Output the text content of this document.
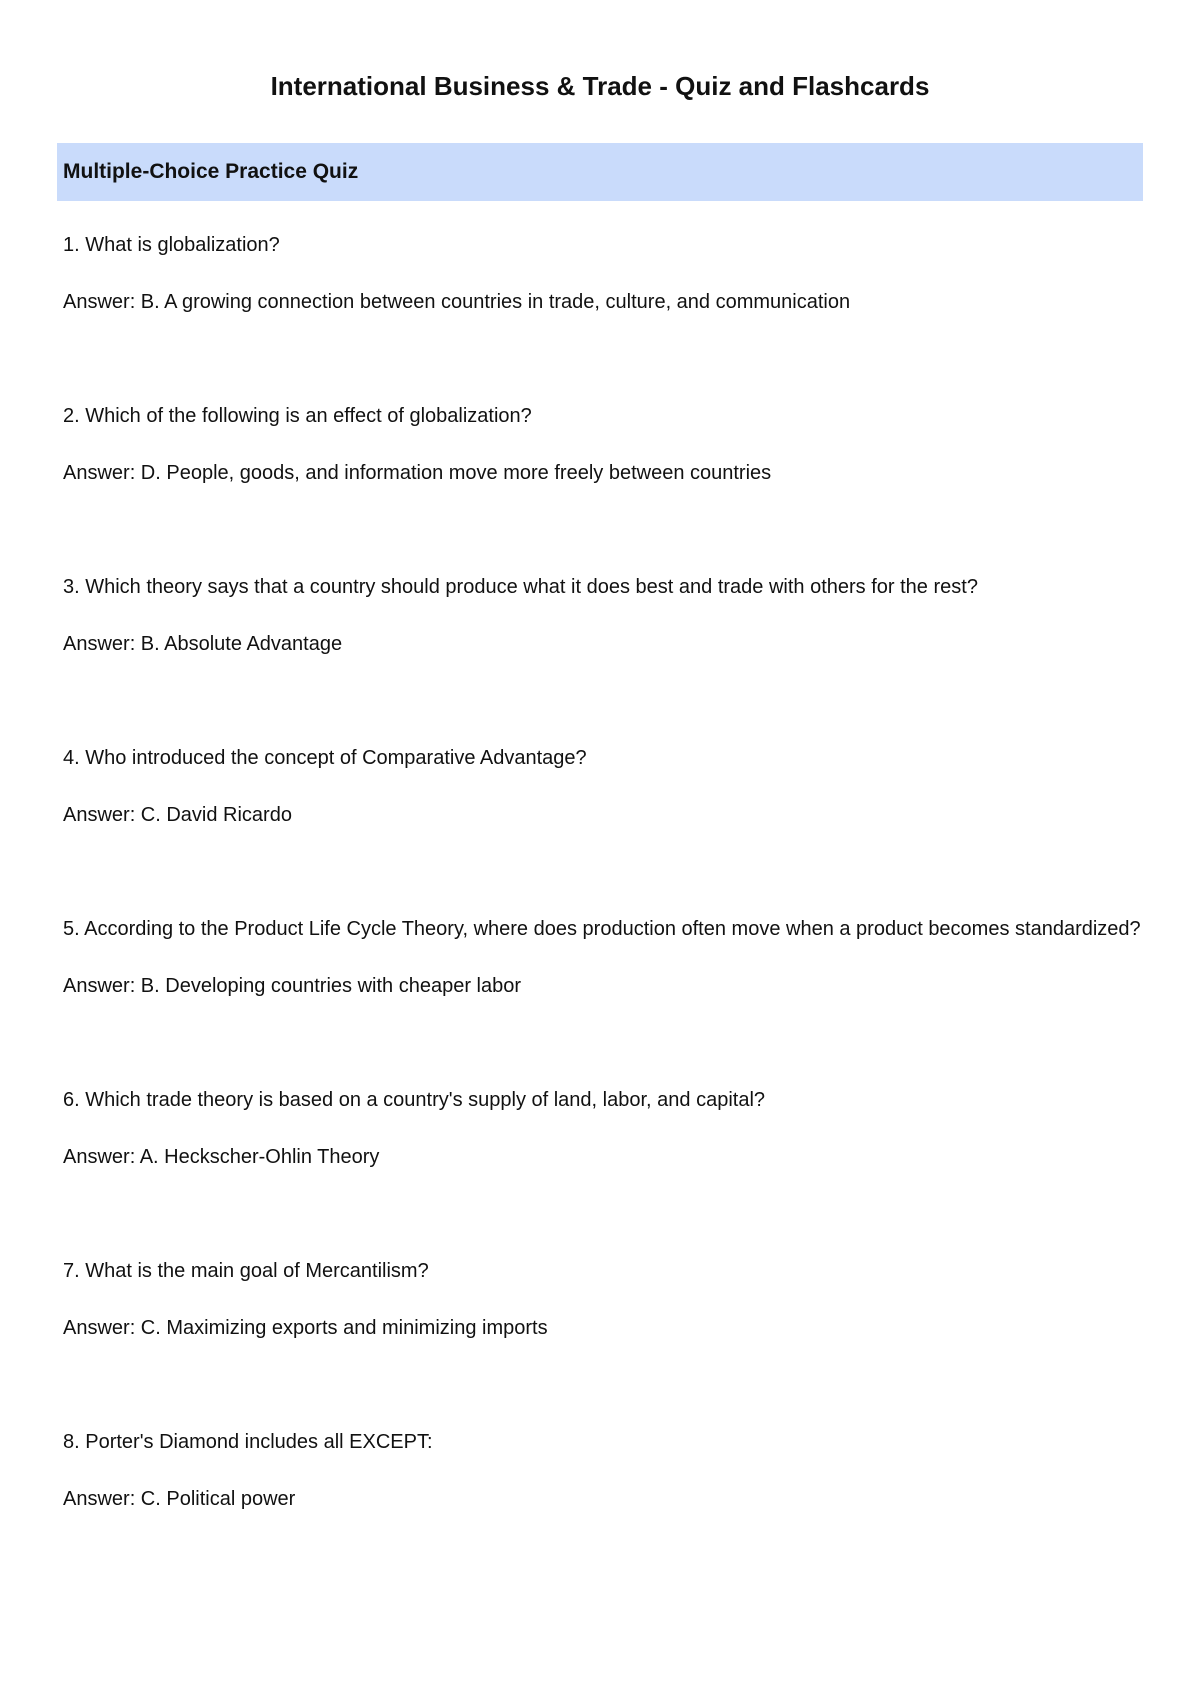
International Business & Trade - Quiz and Flashcards
Multiple-Choice Practice Quiz
1. What is globalization?
Answer: B. A growing connection between countries in trade, culture, and communication
2. Which of the following is an effect of globalization?
Answer: D. People, goods, and information move more freely between countries
3. Which theory says that a country should produce what it does best and trade with others for the rest?
Answer: B. Absolute Advantage
4. Who introduced the concept of Comparative Advantage?
Answer: C. David Ricardo
5. According to the Product Life Cycle Theory, where does production often move when a product becomes standardized?
Answer: B. Developing countries with cheaper labor
6. Which trade theory is based on a country's supply of land, labor, and capital?
Answer: A. Heckscher-Ohlin Theory
7. What is the main goal of Mercantilism?
Answer: C. Maximizing exports and minimizing imports
8. Porter's Diamond includes all EXCEPT:
Answer: C. Political power
